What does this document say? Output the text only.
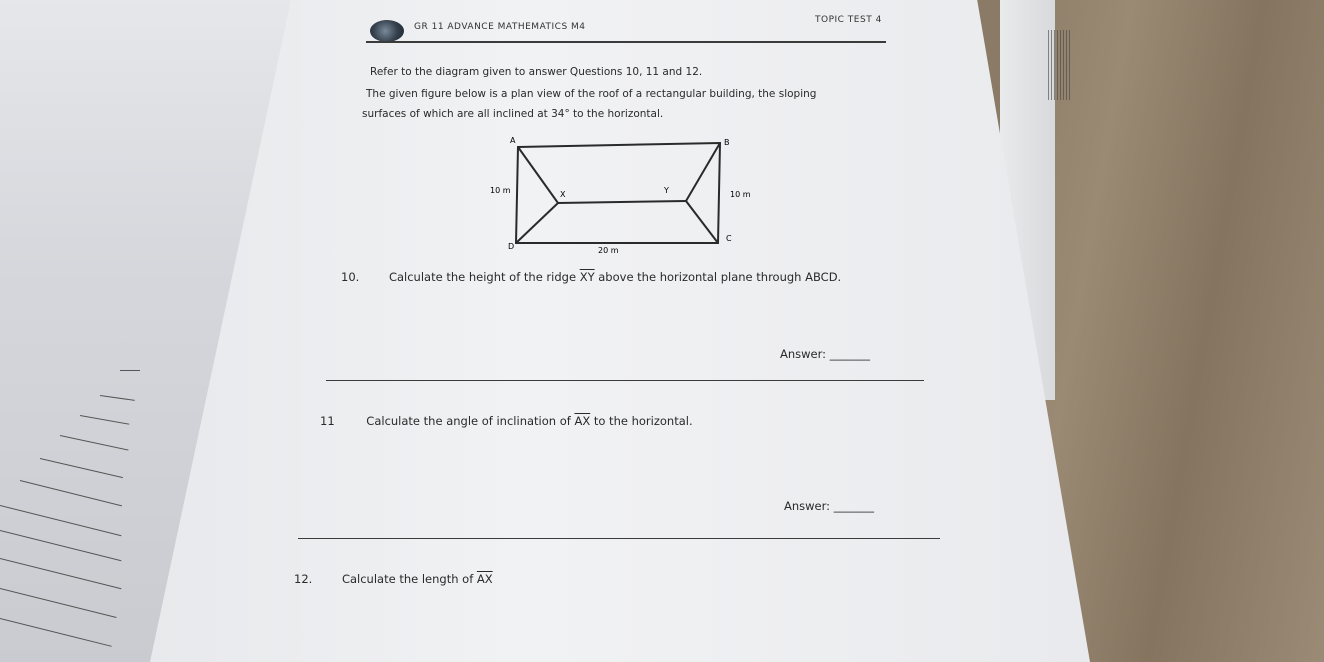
GR 11 ADVANCE MATHEMATICS M4
TOPIC TEST 4
Refer to the diagram given to answer Questions 10, 11 and 12.
The given figure below is a plan view of the roof of a rectangular building, the sloping
surfaces of which are all inclined at 34° to the horizontal.
A	B
C
D
X	Y
10 m	10 m
20 m
10.	Calculate the height of the ridge $\overline{XY}$ above the horizontal plane through ABCD.
Answer: _______
11	Calculate the angle of inclination of $\overline{AX}$ to the horizontal.
Answer: _______
12.	Calculate the length of $\overline{AX}$
